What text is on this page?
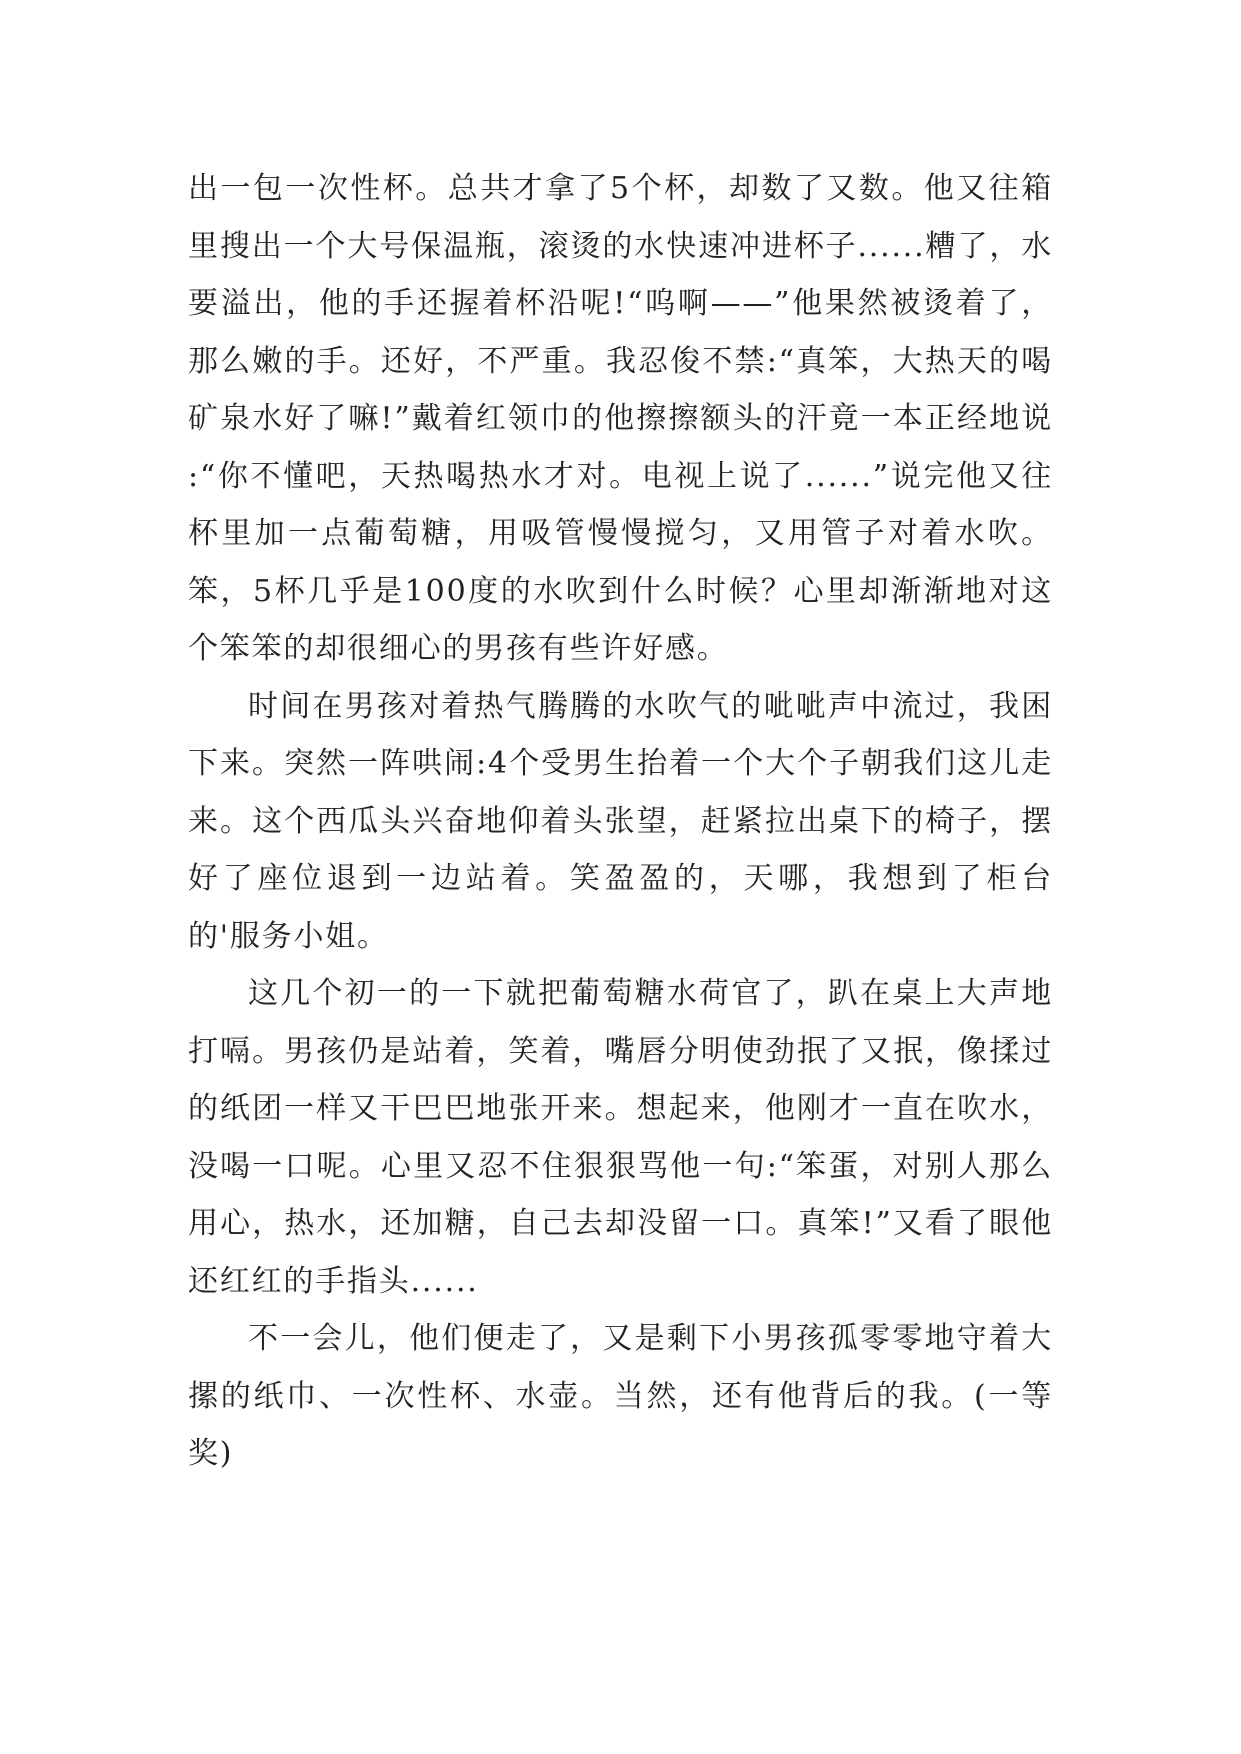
出一包一次性杯。总共才拿了5个杯，却数了又数。他又往箱里搜出一个大号保温瓶，滚烫的水快速冲进杯子......糟了，水要溢出，他的手还握着杯沿呢!“呜啊——”他果然被烫着了，那么嫩的手。还好，不严重。我忍俊不禁:“真笨，大热天的喝矿泉水好了嘛!”戴着红领巾的他擦擦额头的汗竟一本正经地说 :“你不懂吧，天热喝热水才对。电视上说了......”说完他又往杯里加一点葡萄糖，用吸管慢慢搅匀，又用管子对着水吹。笨，5杯几乎是100度的水吹到什么时候？心里却渐渐地对这个笨笨的却很细心的男孩有些许好感。

时间在男孩对着热气腾腾的水吹气的呲呲声中流过，我困下来。突然一阵哄闹:4个受男生抬着一个大个子朝我们这儿走来。这个西瓜头兴奋地仰着头张望，赶紧拉出桌下的椅子，摆好了座位退到一边站着。笑盈盈的，天哪，我想到了柜台的'服务小姐。

这几个初一的一下就把葡萄糖水荷官了，趴在桌上大声地打嗝。男孩仍是站着，笑着，嘴唇分明使劲抿了又抿，像揉过的纸团一样又干巴巴地张开来。想起来，他刚才一直在吹水，没喝一口呢。心里又忍不住狠狠骂他一句:“笨蛋，对别人那么用心，热水，还加糖，自己去却没留一口。真笨!”又看了眼他还红红的手指头......

不一会儿，他们便走了，又是剩下小男孩孤零零地守着大摞的纸巾、一次性杯、水壶。当然，还有他背后的我。(一等奖)
